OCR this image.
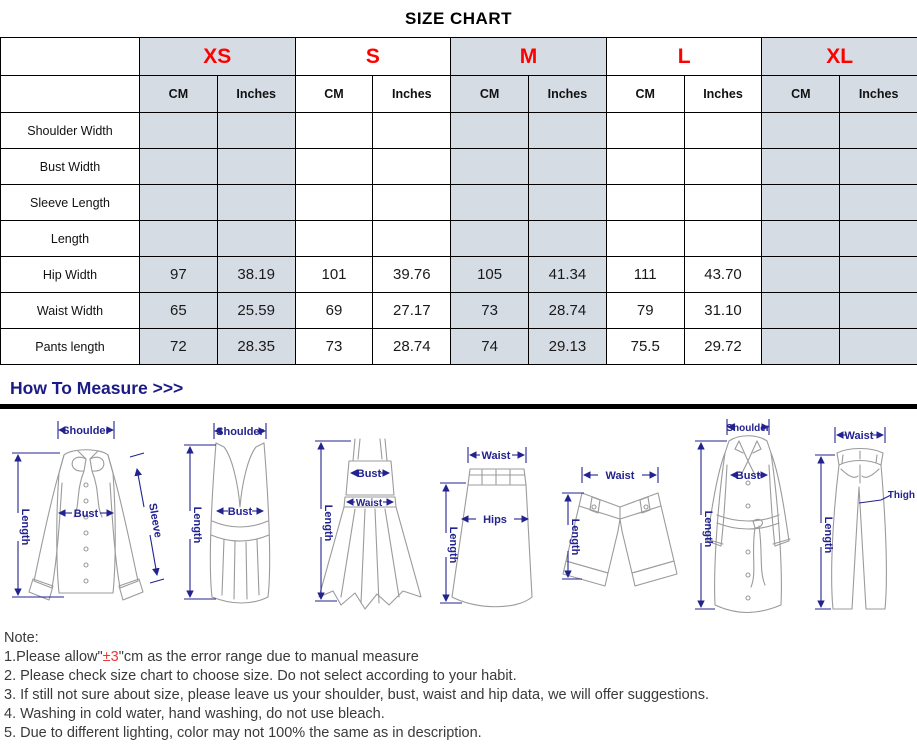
SIZE CHART
	XS		S		M		L		XL	
	CM	Inches	CM	Inches	CM	Inches	CM	Inches	CM	Inches
Shoulder Width										
Bust Width										
Sleeve Length										
Length										
Hip Width	97	38.19	101	39.76	105	41.34	111	43.70		
Waist Width	65	25.59	69	27.17	73	28.74	79	31.10		
Pants length	72	28.35	73	28.74	74	29.13	75.5	29.72		
How To Measure >>>
Shoulder
Length	Bust	Sleeve
Shoulder
Length Bust
Bust
Waist
Length
Waist
Hips
Length
Waist
Length
Shoulder
Bust
Length
Waist
Thigh
Length
Note:
1.Please allow"±3"cm as the error range due to manual measure
2. Please check size chart to choose size. Do not select according to your habit.
3. If still not sure about size, please leave us your shoulder, bust, waist and hip data, we will offer suggestions.
4. Washing in cold water, hand washing, do not use bleach.
5. Due to different lighting, color may not 100% the same as in description.
